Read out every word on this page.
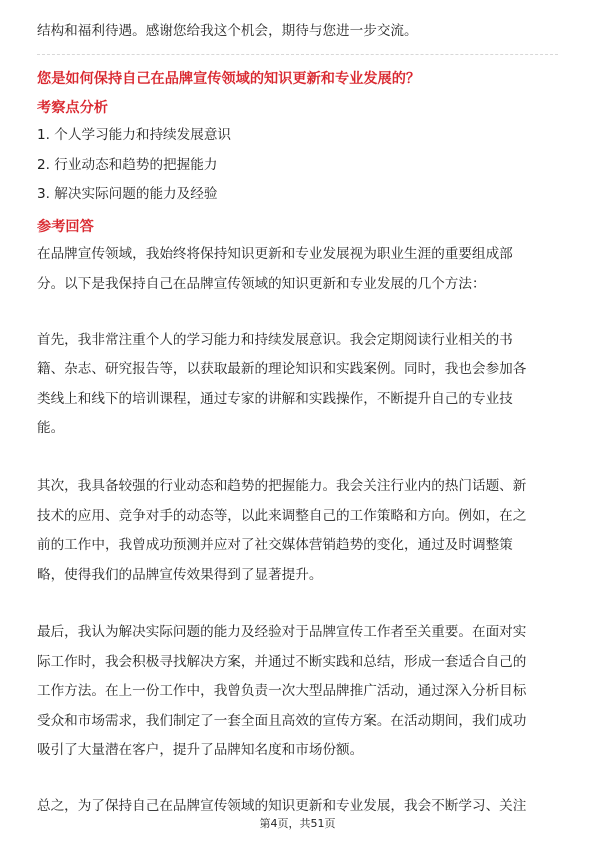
结构和福利待遇。感谢您给我这个机会，期待与您进一步交流。
您是如何保持自己在品牌宣传领域的知识更新和专业发展的？
考察点分析
1. 个人学习能力和持续发展意识
2. 行业动态和趋势的把握能力
3. 解决实际问题的能力及经验
参考回答
在品牌宣传领域，我始终将保持知识更新和专业发展视为职业生涯的重要组成部
分。以下是我保持自己在品牌宣传领域的知识更新和专业发展的几个方法：
首先，我非常注重个人的学习能力和持续发展意识。我会定期阅读行业相关的书
籍、杂志、研究报告等，以获取最新的理论知识和实践案例。同时，我也会参加各
类线上和线下的培训课程，通过专家的讲解和实践操作，不断提升自己的专业技
能。
其次，我具备较强的行业动态和趋势的把握能力。我会关注行业内的热门话题、新
技术的应用、竞争对手的动态等，以此来调整自己的工作策略和方向。例如，在之
前的工作中，我曾成功预测并应对了社交媒体营销趋势的变化，通过及时调整策
略，使得我们的品牌宣传效果得到了显著提升。
最后，我认为解决实际问题的能力及经验对于品牌宣传工作者至关重要。在面对实
际工作时，我会积极寻找解决方案，并通过不断实践和总结，形成一套适合自己的
工作方法。在上一份工作中，我曾负责一次大型品牌推广活动，通过深入分析目标
受众和市场需求，我们制定了一套全面且高效的宣传方案。在活动期间，我们成功
吸引了大量潜在客户，提升了品牌知名度和市场份额。
总之，为了保持自己在品牌宣传领域的知识更新和专业发展，我会不断学习、关注
第4页，共51页
